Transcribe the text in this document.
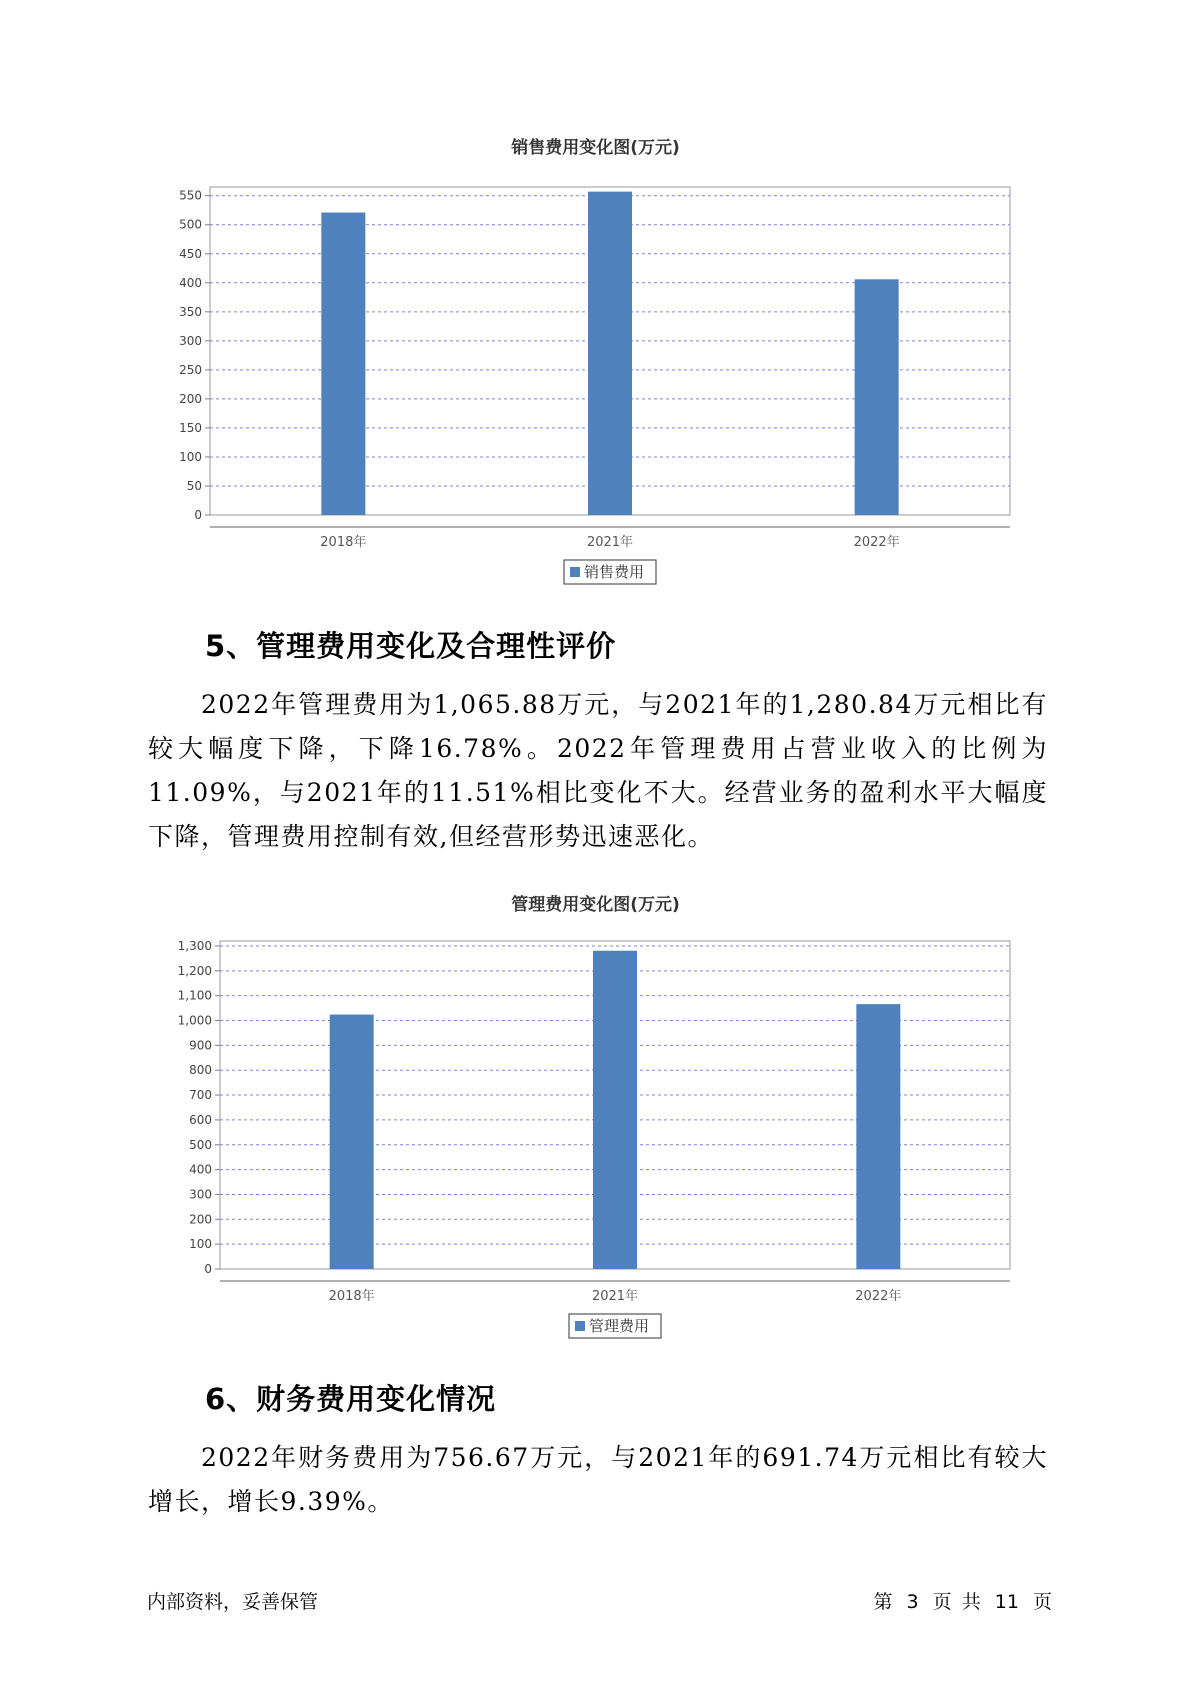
销售费用变化图(万元)
0
50
100
150
200
250
300
350
400
450
500
550
2018年	2021年	2022年
销售费用
5、管理费用变化及合理性评价

2022年管理费用为1,065.88万元，与2021年的1,280.84万元相比有较大幅度下降，下降16.78%。2022年管理费用占营业收入的比例为11.09%，与2021年的11.51%相比变化不大。经营业务的盈利水平大幅度下降，管理费用控制有效,但经营形势迅速恶化。

管理费用变化图(万元)
0
100
200
300
400
500
600
700
800
900
1,000
1,100
1,200
1,300
2018年	2021年	2022年
管理费用
6、财务费用变化情况

2022年财务费用为756.67万元，与2021年的691.74万元相比有较大增长，增长9.39%。

内部资料，妥善保管	第 3 页 共 11 页
